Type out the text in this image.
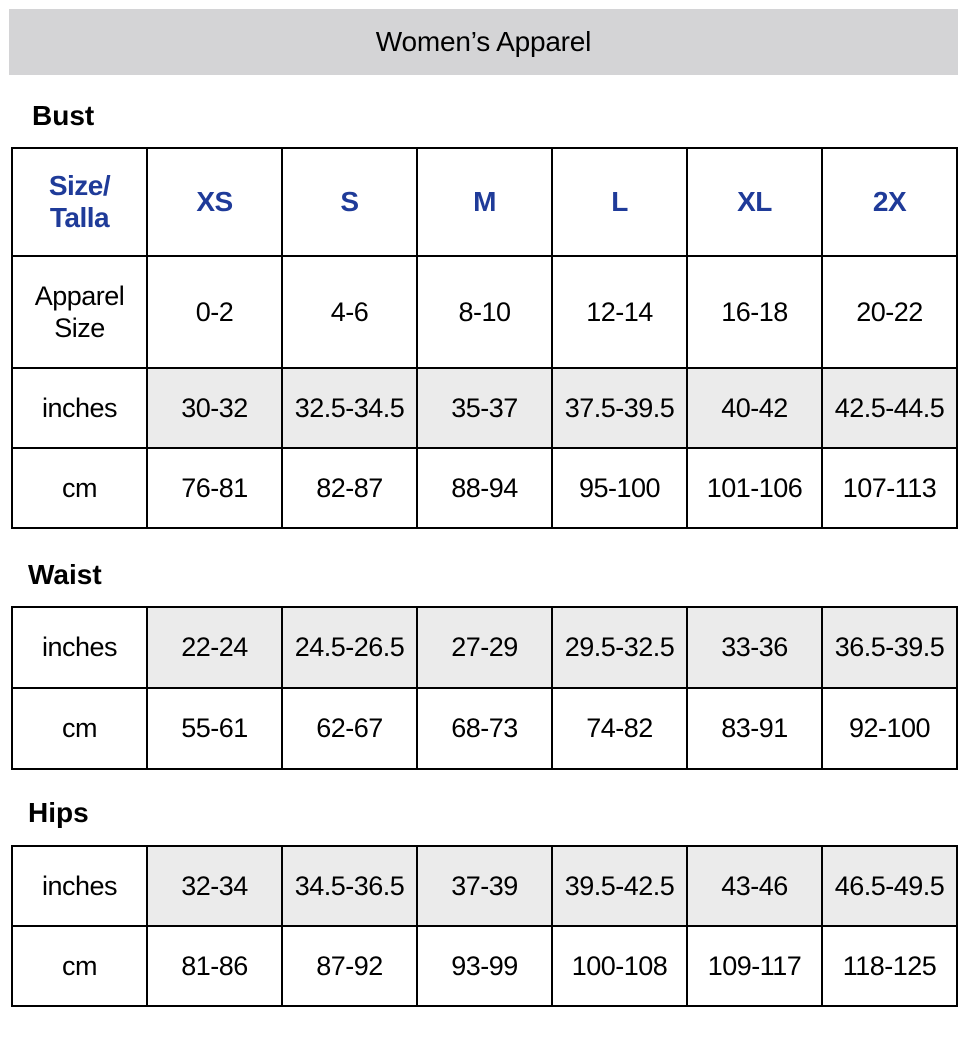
Women’s Apparel
Bust
Size/
Talla	XS	S	M	L	XL	2X
Apparel
Size	0-2	4-6	8-10	12-14	16-18	20-22
inches	30-32	32.5-34.5	35-37	37.5-39.5	40-42	42.5-44.5
cm	76-81	82-87	88-94	95-100	101-106	107-113
Waist
inches	22-24	24.5-26.5	27-29	29.5-32.5	33-36	36.5-39.5
cm	55-61	62-67	68-73	74-82	83-91	92-100
Hips
inches	32-34	34.5-36.5	37-39	39.5-42.5	43-46	46.5-49.5
cm	81-86	87-92	93-99	100-108	109-117	118-125
